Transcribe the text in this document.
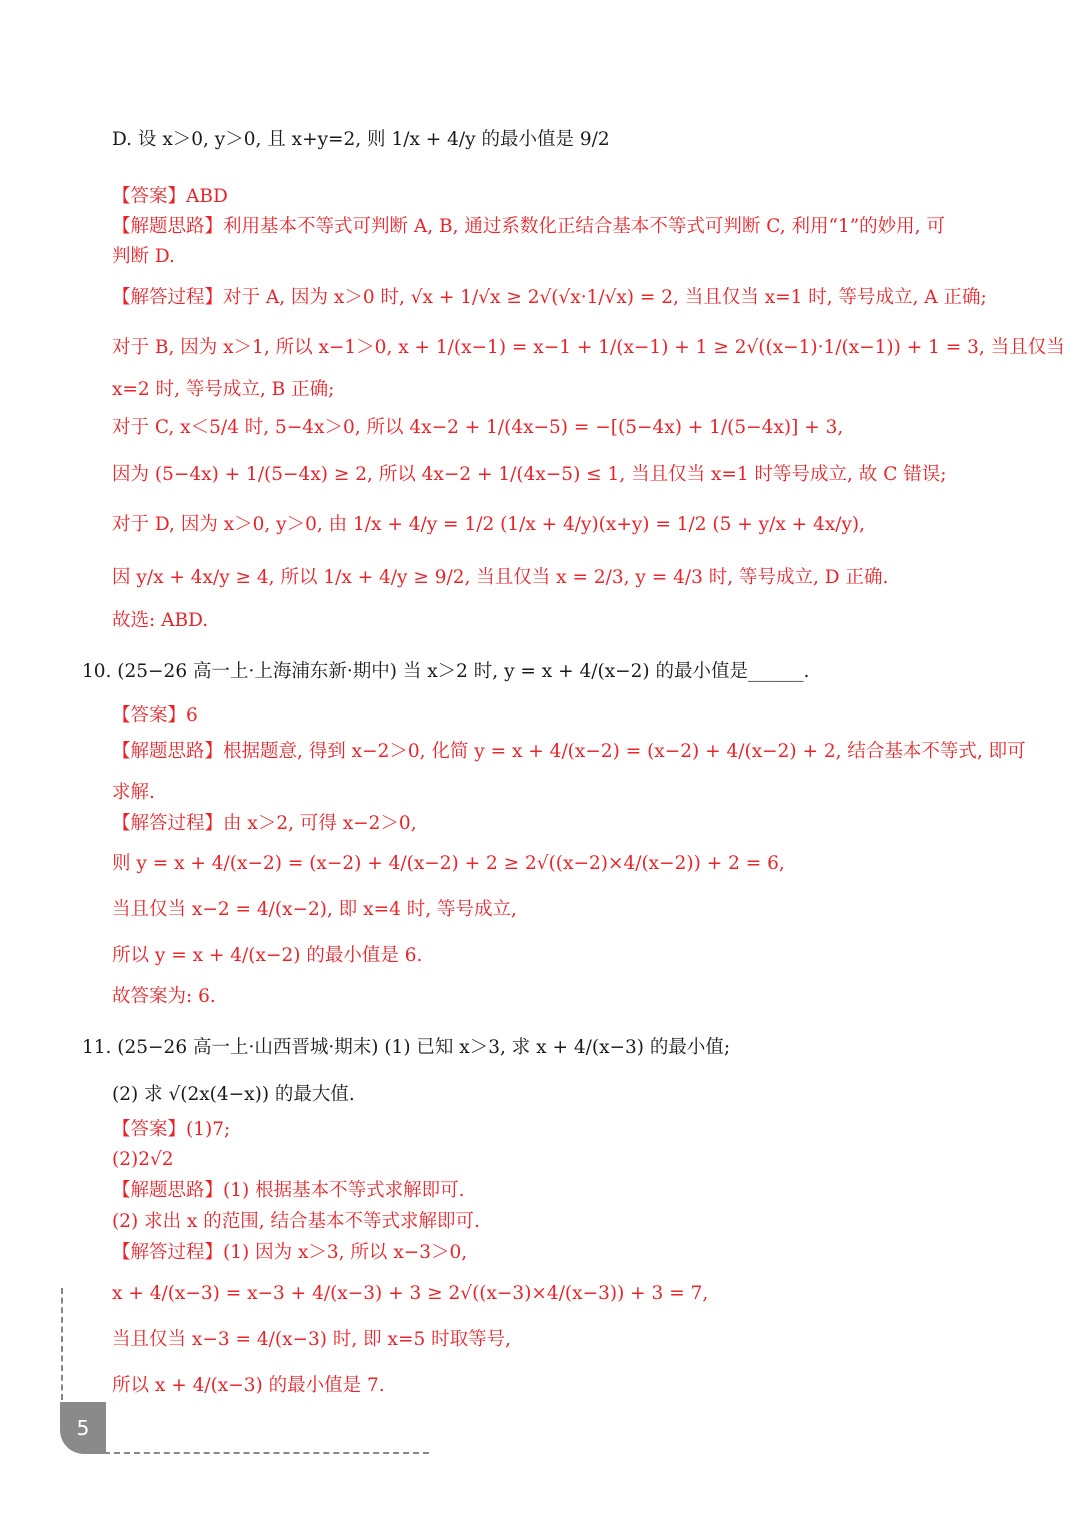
D. 设 x＞0, y＞0, 且 x+y=2, 则 1/x + 4/y 的最小值是 9/2
【答案】ABD
【解题思路】利用基本不等式可判断 A, B, 通过系数化正结合基本不等式可判断 C, 利用“1”的妙用, 可
判断 D.
【解答过程】对于 A, 因为 x＞0 时, √x + 1/√x ≥ 2√(√x·1/√x) = 2, 当且仅当 x=1 时, 等号成立, A 正确;
对于 B, 因为 x＞1, 所以 x−1＞0, x + 1/(x−1) = x−1 + 1/(x−1) + 1 ≥ 2√((x−1)·1/(x−1)) + 1 = 3, 当且仅当
x=2 时, 等号成立, B 正确;
对于 C, x＜5/4 时, 5−4x＞0, 所以 4x−2 + 1/(4x−5) = −[(5−4x) + 1/(5−4x)] + 3,
因为 (5−4x) + 1/(5−4x) ≥ 2, 所以 4x−2 + 1/(4x−5) ≤ 1, 当且仅当 x=1 时等号成立, 故 C 错误;
对于 D, 因为 x＞0, y＞0, 由 1/x + 4/y = 1/2 (1/x + 4/y)(x+y) = 1/2 (5 + y/x + 4x/y),
因 y/x + 4x/y ≥ 4, 所以 1/x + 4/y ≥ 9/2, 当且仅当 x = 2/3, y = 4/3 时, 等号成立, D 正确.
故选: ABD.
10. (25−26 高一上·上海浦东新·期中) 当 x＞2 时, y = x + 4/(x−2) 的最小值是______.
【答案】6
【解题思路】根据题意, 得到 x−2＞0, 化简 y = x + 4/(x−2) = (x−2) + 4/(x−2) + 2, 结合基本不等式, 即可
求解.
【解答过程】由 x＞2, 可得 x−2＞0,
则 y = x + 4/(x−2) = (x−2) + 4/(x−2) + 2 ≥ 2√((x−2)×4/(x−2)) + 2 = 6,
当且仅当 x−2 = 4/(x−2), 即 x=4 时, 等号成立,
所以 y = x + 4/(x−2) 的最小值是 6.
故答案为: 6.
11. (25−26 高一上·山西晋城·期末) (1) 已知 x＞3, 求 x + 4/(x−3) 的最小值;
(2) 求 √(2x(4−x)) 的最大值.
【答案】(1)7;
(2)2√2
【解题思路】(1) 根据基本不等式求解即可.
(2) 求出 x 的范围, 结合基本不等式求解即可.
【解答过程】(1) 因为 x＞3, 所以 x−3＞0,
x + 4/(x−3) = x−3 + 4/(x−3) + 3 ≥ 2√((x−3)×4/(x−3)) + 3 = 7,
当且仅当 x−3 = 4/(x−3) 时, 即 x=5 时取等号,
所以 x + 4/(x−3) 的最小值是 7.
5
